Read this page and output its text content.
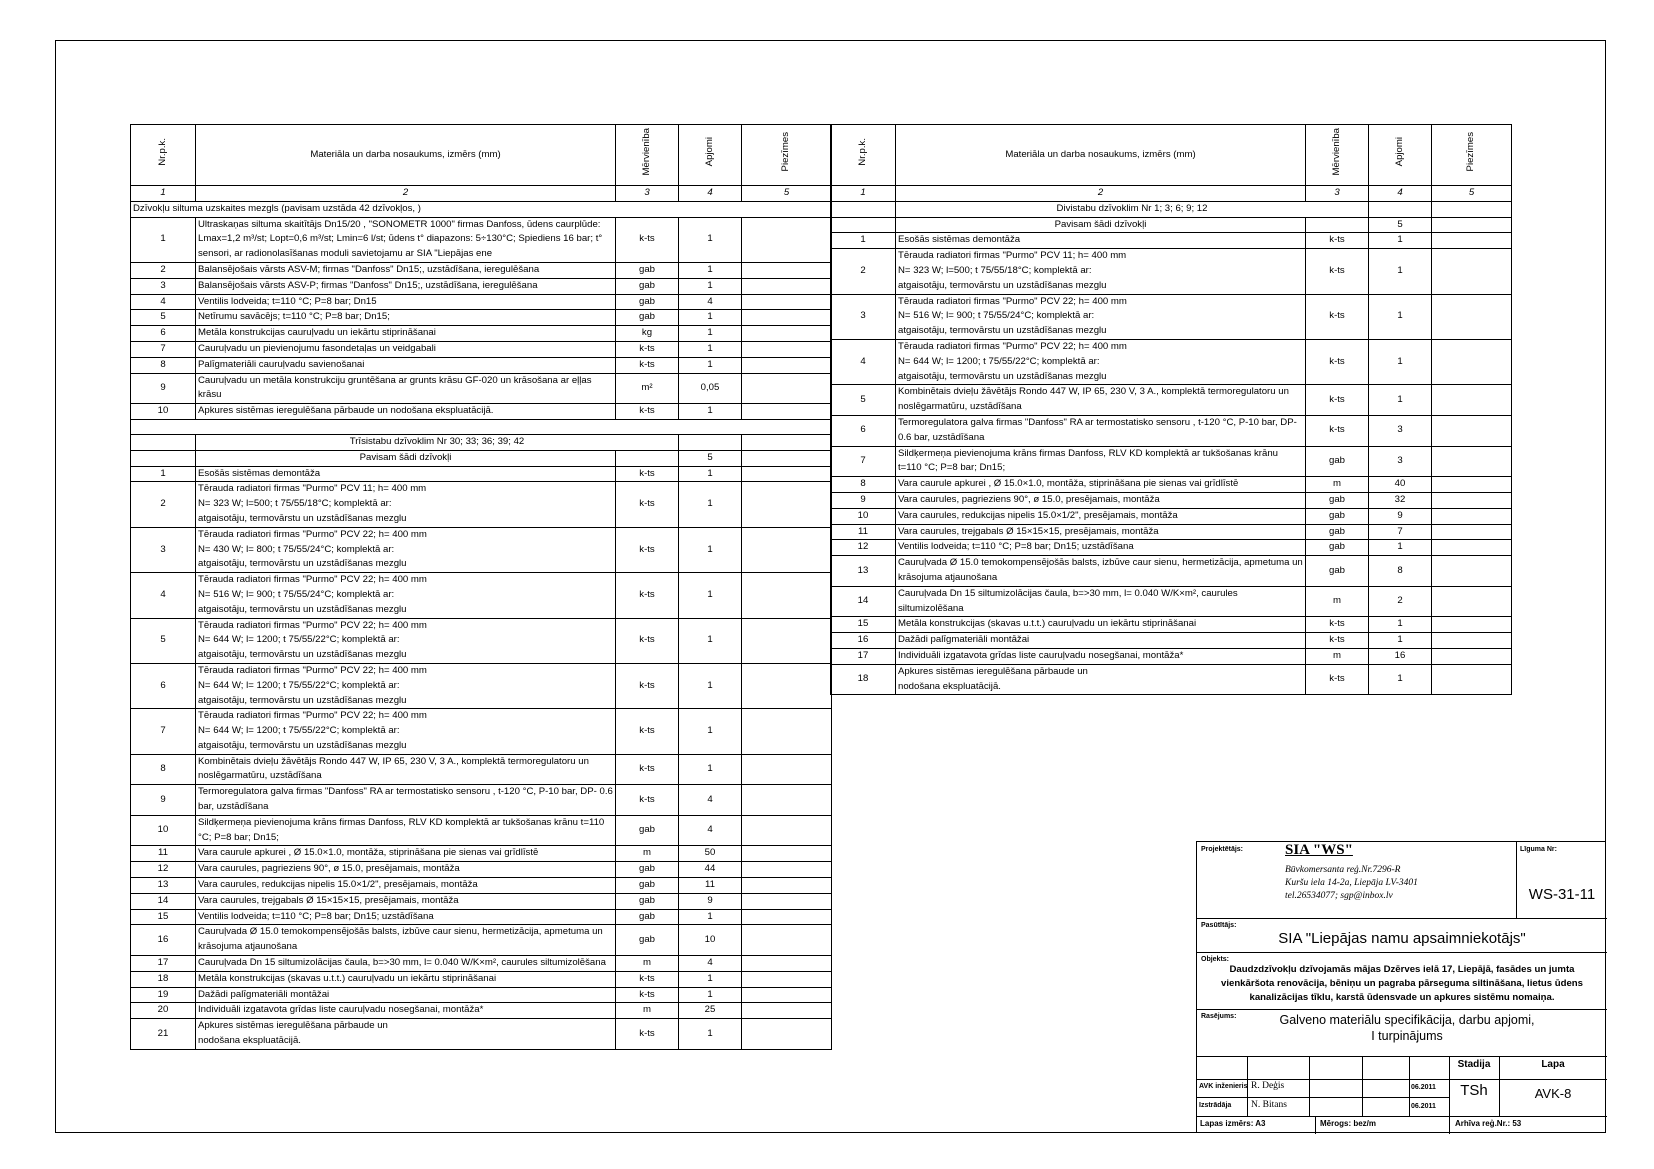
Nr.p.k.	Materiāla un darba nosaukums, izmērs (mm)	Mērvienība	Apjomi	Piezīmes
1	2	3	4	5
Dzīvokļu siltuma uzskaites mezgls (pavisam uzstāda 42 dzīvokļos, )				
1	Ultraskaņas siltuma skaitītājs Dn15/20 , "SONOMETR 1000" firmas Danfoss, ūdens caurplūde: Lmax=1,2 m³/st; Lopt=0,6 m³/st; Lmin=6 l/st; ūdens t° diapazons: 5÷130°C; Spiediens 16 bar; t° sensori, ar radionolasīšanas moduli savietojamu ar SIA "Liepājas ene	k-ts	1	
2	Balansējošais vārsts ASV-M; firmas "Danfoss" Dn15;, uzstādīšana, ieregulēšana	gab	1	
3	Balansējošais vārsts ASV-P; firmas "Danfoss" Dn15;, uzstādīšana, ieregulēšana	gab	1	
4	Ventilis lodveida; t=110 °C; P=8 bar; Dn15	gab	4	
5	Netīrumu savācējs; t=110 °C; P=8 bar; Dn15;	gab	1	
6	Metāla konstrukcijas cauruļvadu un iekārtu stiprināšanai	kg	1	
7	Cauruļvadu un pievienojumu fasondetaļas un veidgabali	k-ts	1	
8	Palīgmateriāli cauruļvadu savienošanai	k-ts	1	
9	Cauruļvadu un metāla konstrukciju gruntēšana ar grunts krāsu GF-020 un krāsošana ar eļļas krāsu	m²	0,05	
10	Apkures sistēmas ieregulēšana pārbaude un nodošana ekspluatācijā.	k-ts	1	

	Trīsistabu dzīvoklim Nr 30; 33; 36; 39; 42			
	Pavisam šādi dzīvokļi		5	
1	Esošās sistēmas demontāža	k-ts	1	
2	Tērauda radiatori firmas "Purmo" PCV 11; h= 400 mm
N= 323 W; l=500; t 75/55/18°C; komplektā ar:
atgaisotāju, termovārstu un uzstādīšanas mezglu	k-ts	1	
3	Tērauda radiatori firmas "Purmo" PCV 22; h= 400 mm
N= 430 W; l= 800; t 75/55/24°C; komplektā ar:
atgaisotāju, termovārstu un uzstādīšanas mezglu	k-ts	1	
4	Tērauda radiatori firmas "Purmo" PCV 22; h= 400 mm
N= 516 W; l= 900; t 75/55/24°C; komplektā ar:
atgaisotāju, termovārstu un uzstādīšanas mezglu	k-ts	1	
5	Tērauda radiatori firmas "Purmo" PCV 22; h= 400 mm
N= 644 W; l= 1200; t 75/55/22°C; komplektā ar:
atgaisotāju, termovārstu un uzstādīšanas mezglu	k-ts	1	
6	Tērauda radiatori firmas "Purmo" PCV 22; h= 400 mm
N= 644 W; l= 1200; t 75/55/22°C; komplektā ar:
atgaisotāju, termovārstu un uzstādīšanas mezglu	k-ts	1	
7	Tērauda radiatori firmas "Purmo" PCV 22; h= 400 mm
N= 644 W; l= 1200; t 75/55/22°C; komplektā ar:
atgaisotāju, termovārstu un uzstādīšanas mezglu	k-ts	1	
8	Kombinētais dvieļu žāvētājs Rondo 447 W, IP 65, 230 V, 3 A., komplektā termoregulatoru un noslēgarmatūru, uzstādīšana	k-ts	1	
9	Termoregulatora galva firmas "Danfoss" RA ar termostatisko sensoru , t-120 °C, P-10 bar, DP- 0.6 bar, uzstādīšana	k-ts	4	
10	Sildķermeņa pievienojuma krāns firmas Danfoss, RLV KD komplektā ar tukšošanas krānu t=110 °C; P=8 bar; Dn15;	gab	4	
11	Vara caurule apkurei , Ø 15.0×1.0, montāža, stiprināšana pie sienas vai grīdlīstē	m	50	
12	Vara caurules, pagrieziens 90°, ø 15.0, presējamais, montāža	gab	44	
13	Vara caurules, redukcijas nipelis 15.0×1/2", presējamais, montāža	gab	11	
14	Vara caurules, trejgabals Ø 15×15×15, presējamais, montāža	gab	9	
15	Ventilis lodveida; t=110 °C; P=8 bar; Dn15; uzstādīšana	gab	1	
16	Cauruļvada Ø 15.0 temokompensējošās balsts, izbūve caur sienu, hermetizācija, apmetuma un krāsojuma atjaunošana	gab	10	
17	Cauruļvada Dn 15 siltumizolācijas čaula, b=>30 mm, l= 0.040 W/K×m², caurules siltumizolēšana	m	4	
18	Metāla konstrukcijas (skavas u.t.t.) cauruļvadu un iekārtu stiprināšanai	k-ts	1	
19	Dažādi palīgmateriāli montāžai	k-ts	1	
20	Individuāli izgatavota grīdas liste cauruļvadu nosegšanai, montāža*	m	25	
21	Apkures sistēmas ieregulēšana pārbaude un
nodošana ekspluatācijā.	k-ts	1	
Nr.p.k.	Materiāla un darba nosaukums, izmērs (mm)	Mērvienība	Apjomi	Piezīmes
1	2	3	4	5
	Divistabu dzīvoklim Nr 1; 3; 6; 9; 12			
	Pavisam šādi dzīvokļi		5	
1	Esošās sistēmas demontāža	k-ts	1	
2	Tērauda radiatori firmas "Purmo" PCV 11; h= 400 mm
N= 323 W; l=500; t 75/55/18°C; komplektā ar:
atgaisotāju, termovārstu un uzstādīšanas mezglu	k-ts	1	
3	Tērauda radiatori firmas "Purmo" PCV 22; h= 400 mm
N= 516 W; l= 900; t 75/55/24°C; komplektā ar:
atgaisotāju, termovārstu un uzstādīšanas mezglu	k-ts	1	
4	Tērauda radiatori firmas "Purmo" PCV 22; h= 400 mm
N= 644 W; l= 1200; t 75/55/22°C; komplektā ar:
atgaisotāju, termovārstu un uzstādīšanas mezglu	k-ts	1	
5	Kombinētais dvieļu žāvētājs Rondo 447 W, IP 65, 230 V, 3 A., komplektā termoregulatoru un noslēgarmatūru, uzstādīšana	k-ts	1	
6	Termoregulatora galva firmas "Danfoss" RA ar termostatisko sensoru , t-120 °C, P-10 bar, DP- 0.6 bar, uzstādīšana	k-ts	3	
7	Sildķermeņa pievienojuma krāns firmas Danfoss, RLV KD komplektā ar tukšošanas krānu t=110 °C; P=8 bar; Dn15;	gab	3	
8	Vara caurule apkurei , Ø 15.0×1.0, montāža, stiprināšana pie sienas vai grīdlīstē	m	40	
9	Vara caurules, pagrieziens 90°, ø 15.0, presējamais, montāža	gab	32	
10	Vara caurules, redukcijas nipelis 15.0×1/2", presējamais, montāža	gab	9	
11	Vara caurules, trejgabals Ø 15×15×15, presējamais, montāža	gab	7	
12	Ventilis lodveida; t=110 °C; P=8 bar; Dn15; uzstādīšana	gab	1	
13	Cauruļvada Ø 15.0 temokompensējošās balsts, izbūve caur sienu, hermetizācija, apmetuma un krāsojuma atjaunošana	gab	8	
14	Cauruļvada Dn 15 siltumizolācijas čaula, b=>30 mm, l= 0.040 W/K×m², caurules siltumizolēšana	m	2	
15	Metāla konstrukcijas (skavas u.t.t.) cauruļvadu un iekārtu stiprināšanai	k-ts	1	
16	Dažādi palīgmateriāli montāžai	k-ts	1	
17	Individuāli izgatavota grīdas liste cauruļvadu nosegšanai, montāža*	m	16	
18	Apkures sistēmas ieregulēšana pārbaude un
nodošana ekspluatācijā.	k-ts	1	
Projektētājs:	SIA "WS"
Būvkomersanta reģ.Nr.7296-R
Kuršu iela 14-2a, Liepāja LV-3401
tel.26534077; sgp@inbox.lv
Līguma Nr:
WS-31-11
Pasūtītājs:
SIA "Liepājas namu apsaimniekotājs"
Objekts:
Daudzdzīvokļu dzīvojamās mājas Dzērves ielā 17, Liepājā, fasādes un jumta vienkāršota renovācija, bēniņu un pagraba pārseguma siltināšana, lietus ūdens kanalizācijas tīklu, karstā ūdensvade un apkures sistēmu nomaiņa.
Rasējums:	Galveno materiālu specifikācija, darbu apjomi,
I turpinājums
Stadija	Lapa
TSh	AVK-8
AVK inženieris R. Deģis	06.2011
Izstrādāja N. Bitans	06.2011
Lapas izmērs: A3	Mērogs: bez/m	Arhīva reģ.Nr.: 53
